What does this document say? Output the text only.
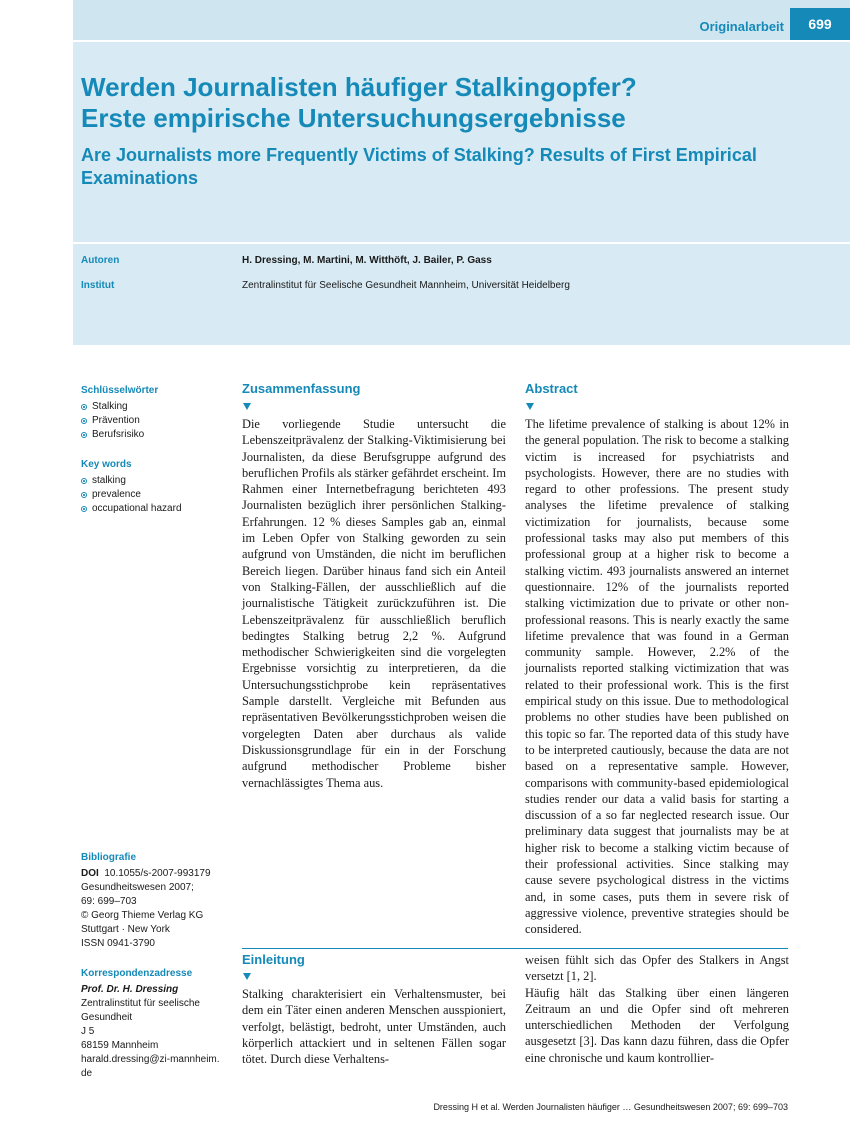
Originalarbeit	699
Werden Journalisten häufiger Stalkingopfer?
Erste empirische Untersuchungsergebnisse
Are Journalists more Frequently Victims of Stalking? Results of First Empirical Examinations
Autoren	H. Dressing, M. Martini, M. Witthöft, J. Bailer, P. Gass
Institut	Zentralinstitut für Seelische Gesundheit Mannheim, Universität Heidelberg
Schlüsselwörter
Stalking
Prävention
Berufsrisiko
Key words
stalking
prevalence
occupational hazard
Bibliografie
DOI 10.1055/s-2007-993179
Gesundheitswesen 2007;
69: 699–703
© Georg Thieme Verlag KG
Stuttgart · New York
ISSN 0941-3790
Korrespondenzadresse
Prof. Dr. H. Dressing
Zentralinstitut für seelische
Gesundheit
J 5
68159 Mannheim
harald.dressing@zi-mannheim.
de
Zusammenfassung

Die vorliegende Studie untersucht die Lebenszeitprävalenz der Stalking-Viktimisierung bei Journalisten, da diese Berufsgruppe aufgrund des beruflichen Profils als stärker gefährdet erscheint. Im Rahmen einer Internetbefragung berichteten 493 Journalisten bezüglich ihrer persönlichen Stalking-Erfahrungen. 12 % dieses Samples gab an, einmal im Leben Opfer von Stalking geworden zu sein aufgrund von Umständen, die nicht im beruflichen Bereich liegen. Darüber hinaus fand sich ein Anteil von Stalking-Fällen, der ausschließlich auf die journalistische Tätigkeit zurückzuführen ist. Die Lebenszeitprävalenz für ausschließlich beruflich bedingtes Stalking betrug 2,2 %. Aufgrund methodischer Schwierigkeiten sind die vorgelegten Ergebnisse vorsichtig zu interpretieren, da die Untersuchungsstichprobe kein repräsentatives Sample darstellt. Vergleiche mit Befunden aus repräsentativen Bevölkerungsstichproben weisen die vorgelegten Daten aber durchaus als valide Diskussionsgrundlage für ein in der Forschung aufgrund methodischer Probleme bisher vernachlässigtes Thema aus.

Abstract

The lifetime prevalence of stalking is about 12% in the general population. The risk to become a stalking victim is increased for psychiatrists and psychologists. However, there are no studies with regard to other professions. The present study analyses the lifetime prevalence of stalking victimization for journalists, because some professional tasks may also put members of this professional group at a higher risk to become a stalking victim. 493 journalists answered an internet questionnaire. 12% of the journalists reported stalking victimization due to private or other non-professional reasons. This is nearly exactly the same lifetime prevalence that was found in a German community sample. However, 2.2% of the journalists reported stalking victimization that was related to their professional work. This is the first empirical study on this issue. Due to methodological problems no other studies have been published on this topic so far. The reported data of this study have to be interpreted cautiously, because the data are not based on a representative sample. However, comparisons with community-based epidemiological studies render our data a valid basis for starting a discussion of a so far neglected research issue. Our preliminary data suggest that journalists may be at higher risk to become a stalking victim because of their professional activities. Since stalking may cause severe psychological distress in the victims and, in some cases, puts them in severe risk of aggressive violence, preventive strategies should be considered.

Einleitung

Stalking charakterisiert ein Verhaltensmuster, bei dem ein Täter einen anderen Menschen ausspioniert, verfolgt, belästigt, bedroht, unter Umständen, auch körperlich attackiert und in seltenen Fällen sogar tötet. Durch diese Verhaltens-

weisen fühlt sich das Opfer des Stalkers in Angst versetzt [1, 2].

Häufig hält das Stalking über einen längeren Zeitraum an und die Opfer sind oft mehreren unterschiedlichen Methoden der Verfolgung ausgesetzt [3]. Das kann dazu führen, dass die Opfer eine chronische und kaum kontrollier-

Dressing H et al. Werden Journalisten häufiger … Gesundheitswesen 2007; 69: 699–703
